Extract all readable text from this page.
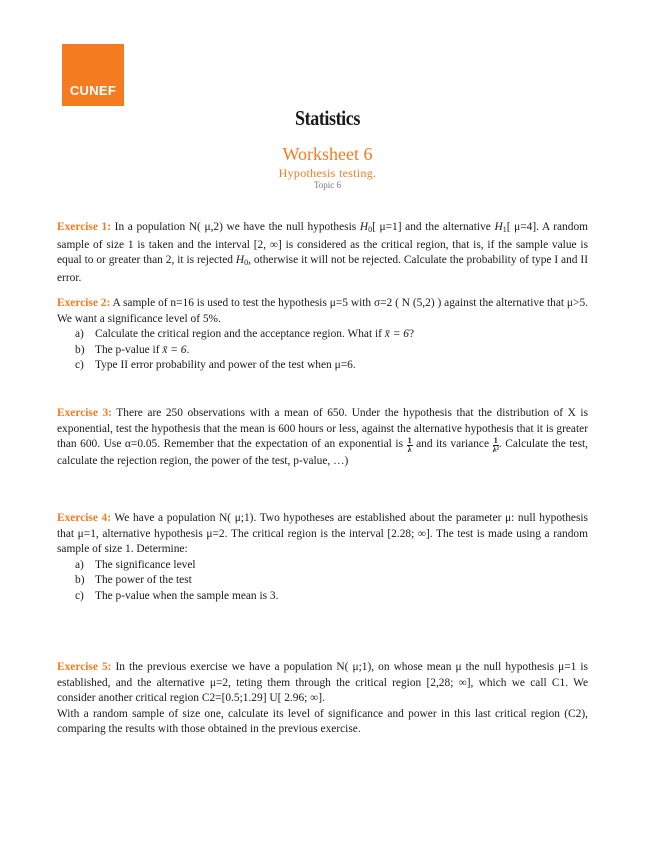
CUNEF
Statistics
Worksheet 6
Hypothesis testing.
Topic 6

Exercise 1: In a population N( μ,2) we have the null hypothesis H0[ μ=1] and the alternative H1[ μ=4]. A random sample of size 1 is taken and the interval [2, ∞] is considered as the critical region, that is, if the sample value is equal to or greater than 2, it is rejected H0, otherwise it will not be rejected. Calculate the probability of type I and II error.

Exercise 2: A sample of n=16 is used to test the hypothesis μ=5 with σ=2 ( N (5,2) ) against the alternative that μ>5. We want a significance level of 5%.

a) Calculate the critical region and the acceptance region. What if x̄ = 6?
b) The p-value if x̄ = 6.
c) Type II error probability and power of the test when μ=6.

Exercise 3: There are 250 observations with a mean of 650. Under the hypothesis that the distribution of X is exponential, test the hypothesis that the mean is 600 hours or less, against the alternative hypothesis that it is greater than 600. Use α=0.05. Remember that the expectation of an exponential is $\frac{1}{\lambda}$ and its variance $\frac{1}{\text{λ²}}$ . Calculate the test, calculate the rejection region, the power of the test, p-value, …)

Exercise 4: We have a population N( μ;1). Two hypotheses are established about the parameter μ: null hypothesis that μ=1, alternative hypothesis μ=2. The critical region is the interval [2.28; ∞]. The test is made using a random sample of size 1. Determine:

a) The significance level
b) The power of the test
c) The p-value when the sample mean is 3.

Exercise 5: In the previous exercise we have a population N( μ;1), on whose mean μ the null hypothesis μ=1 is established, and the alternative μ=2, teting them through the critical region [2,28; ∞], which we call C1. We consider another critical region C2=[0.5;1.29] U[ 2.96; ∞].

With a random sample of size one, calculate its level of significance and power in this last critical region (C2), comparing the results with those obtained in the previous exercise.
